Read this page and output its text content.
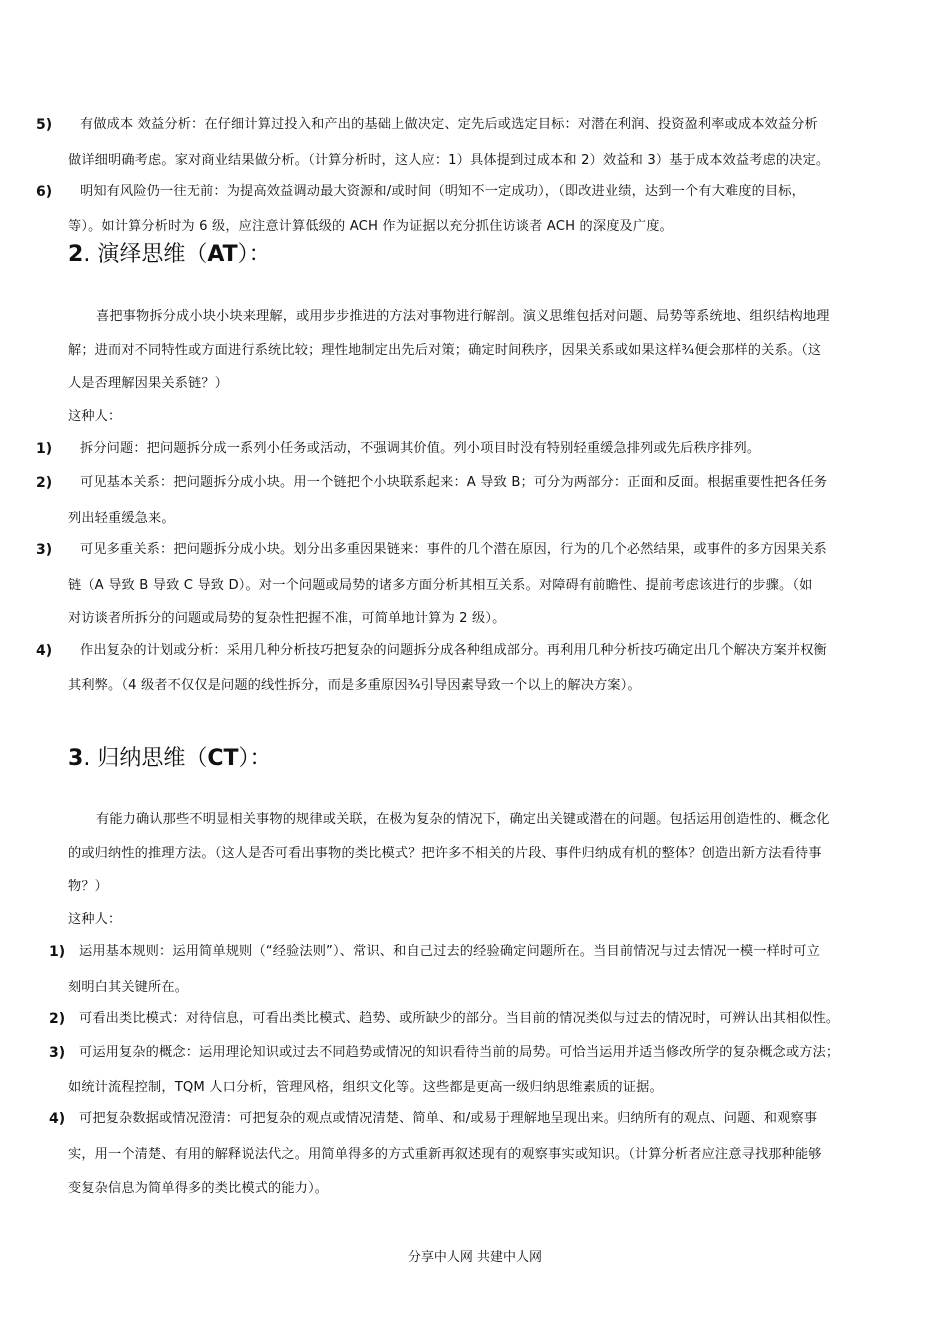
5) 有做成本 效益分析：在仔细计算过投入和产出的基础上做决定、定先后或选定目标：对潜在利润、投资盈利率或成本效益分析
做详细明确考虑。家对商业结果做分析。（计算分析时，这人应：1）具体提到过成本和 2）效益和 3）基于成本效益考虑的决定。
6) 明知有风险仍一往无前：为提高效益调动最大资源和/或时间（明知不一定成功），（即改进业绩，达到一个有大难度的目标，
等）。如计算分析时为 6 级，应注意计算低级的 ACH 作为证据以充分抓住访谈者 ACH 的深度及广度。
2. 演绎思维（AT）：
喜把事物拆分成小块小块来理解，或用步步推进的方法对事物进行解剖。演义思维包括对问题、局势等系统地、组织结构地理
解；进而对不同特性或方面进行系统比较；理性地制定出先后对策；确定时间秩序，因果关系或如果这样¾便会那样的关系。（这
人是否理解因果关系链？）
这种人：
1) 拆分问题：把问题拆分成一系列小任务或活动，不强调其价值。列小项目时没有特别轻重缓急排列或先后秩序排列。
2) 可见基本关系：把问题拆分成小块。用一个链把个小块联系起来：A 导致 B；可分为两部分：正面和反面。根据重要性把各任务
列出轻重缓急来。
3) 可见多重关系：把问题拆分成小块。划分出多重因果链来：事件的几个潜在原因，行为的几个必然结果，或事件的多方因果关系
链（A 导致 B 导致 C 导致 D）。对一个问题或局势的诸多方面分析其相互关系。对障碍有前瞻性、提前考虑该进行的步骤。（如
对访谈者所拆分的问题或局势的复杂性把握不准，可简单地计算为 2 级）。
4) 作出复杂的计划或分析：采用几种分析技巧把复杂的问题拆分成各种组成部分。再利用几种分析技巧确定出几个解决方案并权衡
其利弊。（4 级者不仅仅是问题的线性拆分，而是多重原因¾引导因素导致一个以上的解决方案）。
3. 归纳思维（CT）：
有能力确认那些不明显相关事物的规律或关联，在极为复杂的情况下，确定出关键或潜在的问题。包括运用创造性的、概念化
的或归纳性的推理方法。（这人是否可看出事物的类比模式？把许多不相关的片段、事件归纳成有机的整体？创造出新方法看待事
物？）
这种人：
1) 运用基本规则：运用简单规则（“经验法则”）、常识、和自己过去的经验确定问题所在。当目前情况与过去情况一模一样时可立
刻明白其关键所在。
2) 可看出类比模式：对待信息，可看出类比模式、趋势、或所缺少的部分。当目前的情况类似与过去的情况时，可辨认出其相似性。
3) 可运用复杂的概念：运用理论知识或过去不同趋势或情况的知识看待当前的局势。可恰当运用并适当修改所学的复杂概念或方法；
如统计流程控制，TQM 人口分析，管理风格，组织文化等。这些都是更高一级归纳思维素质的证据。
4) 可把复杂数据或情况澄清：可把复杂的观点或情况清楚、简单、和/或易于理解地呈现出来。归纳所有的观点、问题、和观察事
实，用一个清楚、有用的解释说法代之。用简单得多的方式重新再叙述现有的观察事实或知识。（计算分析者应注意寻找那种能够
变复杂信息为简单得多的类比模式的能力）。
分享中人网 共建中人网
